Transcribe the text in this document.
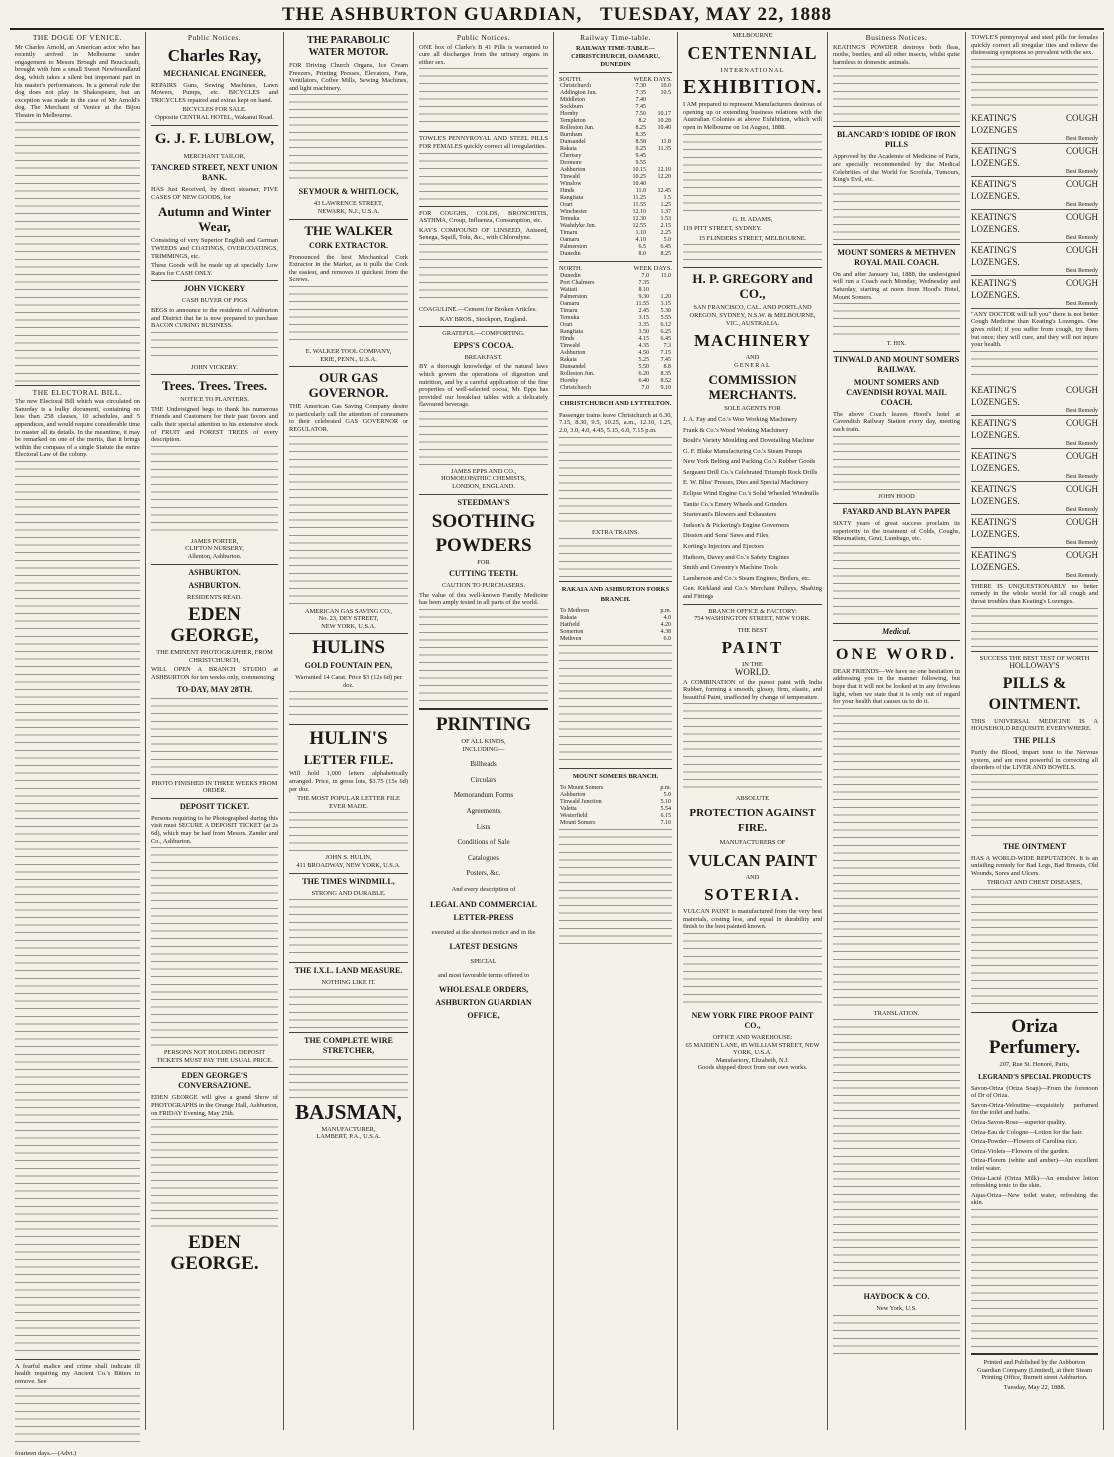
THE ASHBURTON GUARDIAN, TUESDAY, MAY 22, 1888
THE DOGE OF VENICE.
Mr Charles Arnold, an American actor who has recently arrived in Melbourne under engagement to Messrs Brough and Boucicault, brought with him a small Sweet Newfoundland dog, which takes a silent but important part in his master's performances. In a general rule the dog does not play in Shakespeare, but an exception was made in the case of Mr Arnold's dog. The Merchant of Venice at the Bijou Theatre in Melbourne.
THE ELECTORAL BILL.
The new Electoral Bill which was circulated on Saturday is a bulky document, containing no less than 258 clauses, 10 schedules, and 5 appendices, and would require considerable time to master all its details. In the meantime, it may be remarked on one of the merits, that it brings within the compass of a single Statute the entire Electoral Law of the colony.
A fearful malice and crime shall indicate ill health requiring my Ancient Co.'s Bitters to remove. See
fourteen days.—(Advt.)
Public Notices.
Charles Ray,
MECHANICAL ENGINEER,
REPAIRS Guns, Sewing Machines, Lawn Mowers, Pumps, etc. BICYCLES and TRICYCLES repaired and extras kept on hand.
BICYCLES FOR SALE.
Opposite CENTRAL HOTEL, Wakanui Road.
G. J. F. LUBLOW,
MERCHANT TAILOR,
TANCRED STREET, NEXT UNION BANK.
HAS Just Received, by direct steamer, FIVE CASES OF NEW GOODS, for
Autumn and Winter Wear,
Consisting of very Superior English and German TWEEDS and COATINGS, OVERCOATINGS, TRIMMINGS, etc.
These Goods will be made up at specially Low Rates for CASH ONLY.
JOHN VICKERY
CASH BUYER OF PIGS
BEGS to announce to the residents of Ashburton and District that he is now prepared to purchase BACON CURING BUSINESS.
JOHN VICKERY.
Trees. Trees. Trees.
NOTICE TO PLANTERS.
THE Undersigned begs to thank his numerous Friends and Customers for their past favors and calls their special attention to his extensive stock of FRUIT and FOREST TREES of every description.
JAMES PORTER,
CLIFTON NURSERY,
Allenton, Ashburton.
ASHBURTON.
ASHBURTON.
RESIDENTS READ.
EDEN GEORGE,
THE EMINENT PHOTOGRAPHER, FROM CHRISTCHURCH,
WILL OPEN A BRANCH STUDIO at ASHBURTON for ten weeks only, commencing
TO-DAY, MAY 28TH.
PHOTO FINISHED IN THREE WEEKS FROM ORDER.
DEPOSIT TICKET.
Persons requiring to be Photographed during this visit must SECURE A DEPOSIT TICKET (at 2s 6d), which may be had from Messrs. Zander and Co., Ashburton.
PERSONS NOT HOLDING DEPOSIT TICKETS MUST PAY THE USUAL PRICE.
EDEN GEORGE'S CONVERSAZIONE.
EDEN GEORGE will give a grand Show of PHOTOGRAPHS in the Orange Hall, Ashburton, on FRIDAY Evening, May 25th.
EDEN GEORGE.
THE PARABOLIC WATER MOTOR.
FOR Driving Church Organs, Ice Cream Freezers, Printing Presses, Elevators, Fans, Ventilators, Coffee Mills, Sewing Machines, and light machinery.
SEYMOUR & WHITLOCK,
43 LAWRENCE STREET,
NEWARK, N.J., U.S.A.
THE WALKER
CORK EXTRACTOR.
Pronounced the best Mechanical Cork Extractor in the Market, as it pulls the Cork the easiest, and removes it quickest from the Screws.
E. WALKER TOOL COMPANY,
ERIE, PENN., U.S.A.
OUR GAS GOVERNOR.
THE American Gas Saving Company desire to particularly call the attention of consumers to their celebrated GAS GOVERNOR or REGULATOR.
AMERICAN GAS SAVING CO.,
No. 23, DEY STREET,
NEW YORK, U.S.A.
HULINS
GOLD FOUNTAIN PEN,
Warranted 14 Carat. Price $3 (12s 6d) per doz.
HULIN'S
LETTER FILE.
Will hold 1,000 letters alphabetically arranged. Price, in gross lots, $3.75 (15s 6d) per doz.
THE MOST POPULAR LETTER FILE EVER MADE.
JOHN S. HULIN,
411 BROADWAY, NEW YORK, U.S.A.
THE TIMES WINDMILL,
STRONG AND DURABLE.
THE I.X.L. LAND MEASURE.
NOTHING LIKE IT.
THE COMPLETE WIRE STRETCHER,
BAJSMAN,
MANUFACTURER,
LAMBERT, P.A., U.S.A.
Public Notices.
ONE box of Clarke's B 41 Pills is warranted to cure all discharges from the urinary organs in either sex.
TOWLE'S PENNYROYAL AND STEEL PILLS FOR FEMALES quickly correct all irregularities.
FOR COUGHS, COLDS, BRONCHITIS, ASTHMA, Croup, Influenza, Consumption, etc.
KAY'S COMPOUND OF LINSEED, Aniseed, Senega, Squill, Tolu, &c., with Chlorodyne.
COAGULINE.—Cement for Broken Articles.
KAY BROS., Stockport, England.
GRATEFUL—COMFORTING.
EPPS'S COCOA.
BREAKFAST.
BY a thorough knowledge of the natural laws which govern the operations of digestion and nutrition, and by a careful application of the fine properties of well-selected cocoa, Mr. Epps has provided our breakfast tables with a delicately flavoured beverage.
JAMES EPPS AND CO.,
HOMOEOPATHIC CHEMISTS,
LONDON, ENGLAND.
STEEDMAN'S
SOOTHING
POWDERS
FOR
CUTTING TEETH.
CAUTION TO PURCHASERS.
The value of this well-known Family Medicine has been amply tested in all parts of the world.
PRINTING
OF ALL KINDS,
INCLUDING—
Billheads
Circulars
Memorandum Forms
Agreements
Lists
Conditions of Sale
Catalogues
Posters, &c.
And every description of
LEGAL AND COMMERCIAL
LETTER-PRESS
executed at the shortest notice and in the
LATEST DESIGNS
SPECIAL
and most favorable terms offered to
WHOLESALE ORDERS,
ASHBURTON GUARDIAN
OFFICE,
Railway Time-table.
RAILWAY TIME-TABLE—CHRISTCHURCH, OAMARU, DUNEDIN
SOUTH.	WEEK DAYS.
Christchurch	7.30	10.0
Addington Jun.	7.35	10.5
Middleton	7.40	
Sockburn	7.45	
Hornby	7.50	10.17
Templeton	8.2	10.28
Rolleston Jun.	8.25	10.40
Burnham	8.35	
Dunsandel	8.58	11.8
Rakaia	9.25	11.35
Chertsey	9.45	
Dromore	9.55	
Ashburton	10.15	12.10
Tinwald	10.25	12.20
Winslow	10.40	
Hinds	11.0	12.45
Rangitata	11.25	1.5
Orari	11.55	1.25
Winchester	12.10	1.37
Temuka	12.30	1.53
Washdyke Jun.	12.55	2.15
Timaru	1.10	2.25
Oamaru	4.10	5.0
Palmerston	6.5	6.45
Dunedin	8.0	8.25
NORTH.	WEEK DAYS.
Dunedin	7.0	11.0
Port Chalmers	7.35	
Waitati	8.10	
Palmerston	9.30	1.20
Oamaru	11.55	3.15
Timaru	2.45	5.30
Temuka	3.15	5.55
Orari	3.35	6.12
Rangitata	3.50	6.25
Hinds	4.15	6.45
Tinwald	4.35	7.3
Ashburton	4.50	7.15
Rakaia	5.25	7.45
Dunsandel	5.50	8.8
Rolleston Jun.	6.20	8.35
Hornby	6.40	8.52
Christchurch	7.0	9.10
CHRISTCHURCH AND LYTTELTON.
Passenger trains leave Christchurch at 6.30, 7.15, 8.30, 9.5, 10.25, a.m., 12.10, 1.25, 2.0, 3.0, 4.0, 4.45, 5.15, 6.0, 7.15 p.m.
EXTRA TRAINS.
RAKAIA AND ASHBURTON FORKS BRANCH.
To Methven	p.m.
Rakaia	4.0
Hatfield	4.20
Somerton	4.38
Methven	6.0
MOUNT SOMERS BRANCH.
To Mount Somers	p.m.
Ashburton	5.0
Tinwald Junction	5.10
Valetta	5.54
Westerfield	6.15
Mount Somers	7.10
MELBOURNE
CENTENNIAL
INTERNATIONAL
EXHIBITION.
I AM prepared to represent Manufacturers desirous of opening up or extending business relations with the Australian Colonies at above Exhibition, which will open in Melbourne on 1st August, 1888.
G. H. ADAMS,
119 PITT STREET, SYDNEY.
15 FLINDERS STREET, MELBOURNE.
H. P. GREGORY and CO.,
SAN FRANCISCO, CAL. AND PORTLAND OREGON, SYDNEY, N.S.W. & MELBOURNE, VIC., AUSTRALIA.
MACHINERY
AND
GENERAL
COMMISSION MERCHANTS.
SOLE AGENTS FOR
J. A. Fay and Co.'s Woo Working Machinery
Frank & Co.'s Wood Working Machinery
Boult's Variety Moulding and Dovetailing Machine
G. F. Blake Manufacturing Co.'s Steam Pumps
New York Belting and Packing Co.'s Rubber Goods
Sergeant Drill Co.'s Celebrated Triumph Rock Drills
E. W. Bliss' Presses, Dies and Special Machinery
Eclipse Wind Engine Co.'s Solid Wheeled Windmills
Tanite Co.'s Emery Wheels and Grinders
Sturtevant's Blowers and Exhausters
Judson's & Pickering's Engine Governors
Disston and Sons' Saws and Files
Korting's Injectors and Ejectors
Hathorn, Davey and Co.'s Safety Engines
Smith and Coventry's Machine Tools
Lamberson and Co.'s Steam Engines, Boilers, etc.
Gen. Kirkland and Co.'s Merchant Pulleys, Shafting and Fittings
BRANCH OFFICE & FACTORY:
754 WASHINGTON STREET, NEW YORK.
THE BEST
PAINT
IN THE
WORLD.
A COMBINATION of the purest paint with India Rubber, forming a smooth, glossy, firm, elastic, and beautiful Paint, unaffected by change of temperature.
ABSOLUTE
PROTECTION AGAINST FIRE.
MANUFACTURERS OF
VULCAN PAINT
AND
SOTERIA.
VULCAN PAINT is manufactured from the very best materials, costing less, and equal in durability and finish to the best painted known.
NEW YORK FIRE PROOF PAINT CO.,
OFFICE AND WAREHOUSE:
65 MAIDEN LANE, 85 WILLIAM STREET, NEW YORK, U.S.A.
Manufactory, Elizabeth, N.J.
Goods shipped direct from our own works.
Business Notices.
KEATING'S POWDER destroys both fleas, moths, beetles, and all other insects, whilst quite harmless to domestic animals.
BLANCARD'S IODIDE OF IRON PILLS
Approved by the Academie of Medicine of Paris, are specially recommended by the Medical Celebrities of the World for Scrofula, Tumours, King's Evil, etc.
MOUNT SOMERS & METHVEN ROYAL MAIL COACH.
On and after January 1st, 1888, the undersigned will run a Coach each Monday, Wednesday and Saturday, starting at noon from Hood's Hotel, Mount Somers.
T. HIX.
TINWALD AND MOUNT SOMERS RAILWAY.
MOUNT SOMERS AND CAVENDISH ROYAL MAIL COACH.
The above Coach leaves Hood's hotel at Cavendish Railway Station every day, meeting each train.
JOHN HOOD
FAYARD AND BLAYN PAPER
SIXTY years of great success proclaim its superiority in the treatment of Colds, Coughs, Rheumatism, Gout, Lumbago, etc.
Medical.
ONE WORD.
DEAR FRIENDS—We have no one hesitation in addressing you in the manner following, but hope that it will not be looked at in any frivolous light, when we state that it is only out of regard for your health that causes us to do it.
TRANSLATION.
HAYDOCK & CO.
New York, U.S.
TOWLE'S pennyroyal and steel pills for females quickly correct all irregular ities and relieve the distressing symptoms so prevalent with the sex.
KEATING'S COUGH LOZENGES
Best Remedy
KEATING'S COUGH LOZENGES.
Best Remedy
KEATING'S COUGH LOZENGES.
Best Remedy
KEATING'S COUGH LOZENGES.
Best Remedy
KEATING'S COUGH LOZENGES.
Best Remedy
KEATING'S COUGH LOZENGES.
Best Remedy
"ANY DOCTOR will tell you" there is not better Cough Medicine than Keating's Lozenges. One gives relief; if you suffer from cough, try them but once; they will cure, and they will not injure your health.
KEATING'S COUGH LOZENGES.
Best Remedy
KEATING'S COUGH LOZENGES.
Best Remedy
KEATING'S COUGH LOZENGES.
Best Remedy
KEATING'S COUGH LOZENGES.
Best Remedy
KEATING'S COUGH LOZENGES.
Best Remedy
KEATING'S COUGH LOZENGES.
Best Remedy
THERE IS UNQUESTIONABLY no better remedy in the whole world for all cough and throat troubles than Keating's Lozenges.
SUCCESS THE BEST TEST OF WORTH
HOLLOWAY'S
PILLS & OINTMENT.
THIS UNIVERSAL MEDICINE IS A HOUSEHOLD REQUISITE EVERYWHERE.
THE PILLS
Purify the Blood, impart tone to the Nervous system, and are most powerful in correcting all disorders of the LIVER AND BOWELS.
THE OINTMENT
HAS A WORLD-WIDE REPUTATION. It is an unfailing remedy for Bad Legs, Bad Breasts, Old Wounds, Sores and Ulcers.
THROAT AND CHEST DISEASES,
Oriza Perfumery.
207, Rue St. Honoré, Paris,
LEGRAND'S SPECIAL PRODUCTS
Savon-Oriza (Oriza Soap)—From the forenoon of Dr of Oriza.
Savon-Oriza-Veloutine—exquisitely perfumed for the toilet and baths.
Oriza-Savon-Rose—superior quality.
Oriza-Eau de Cologne—Lotion for the hair.
Oriza-Powder—Flowers of Carolina rice.
Oriza-Violets—Flowers of the garden.
Oriza-Florem (white and amber)—An excellent toilet water.
Oriza-Lacté (Oriza Milk)—An emulsive lotion refreshing tonic to the skin.
Aqua-Oriza—New toilet water, refreshing the skin.
Printed and Published by the Ashburton Guardian Company (Limited), at their Steam Printing Office, Burnett street Ashburton.
Tuesday, May 22, 1888.
